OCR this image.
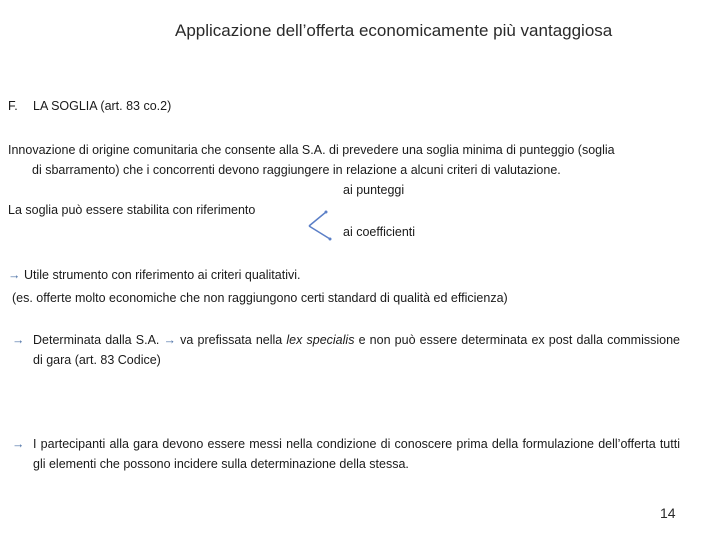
Applicazione dell’offerta economicamente più vantaggiosa
F. LA SOGLIA (art. 83 co.2)
Innovazione di origine comunitaria che consente alla S.A. di prevedere una soglia minima di punteggio (soglia
di sbarramento) che i concorrenti devono raggiungere in relazione a alcuni criteri di valutazione.
ai punteggi
La soglia può essere stabilita con riferimento
ai coefficienti
→ Utile strumento con riferimento ai criteri qualitativi.
(es. offerte molto economiche che non raggiungono certi standard di qualità ed efficienza)
→ Determinata dalla S.A. → va prefissata nella lex specialis e non può essere determinata ex post dalla commissione di gara (art. 83 Codice)
→ I partecipanti alla gara devono essere messi nella condizione di conoscere prima della formulazione dell’offerta tutti gli elementi che possono incidere sulla determinazione della stessa.
14
